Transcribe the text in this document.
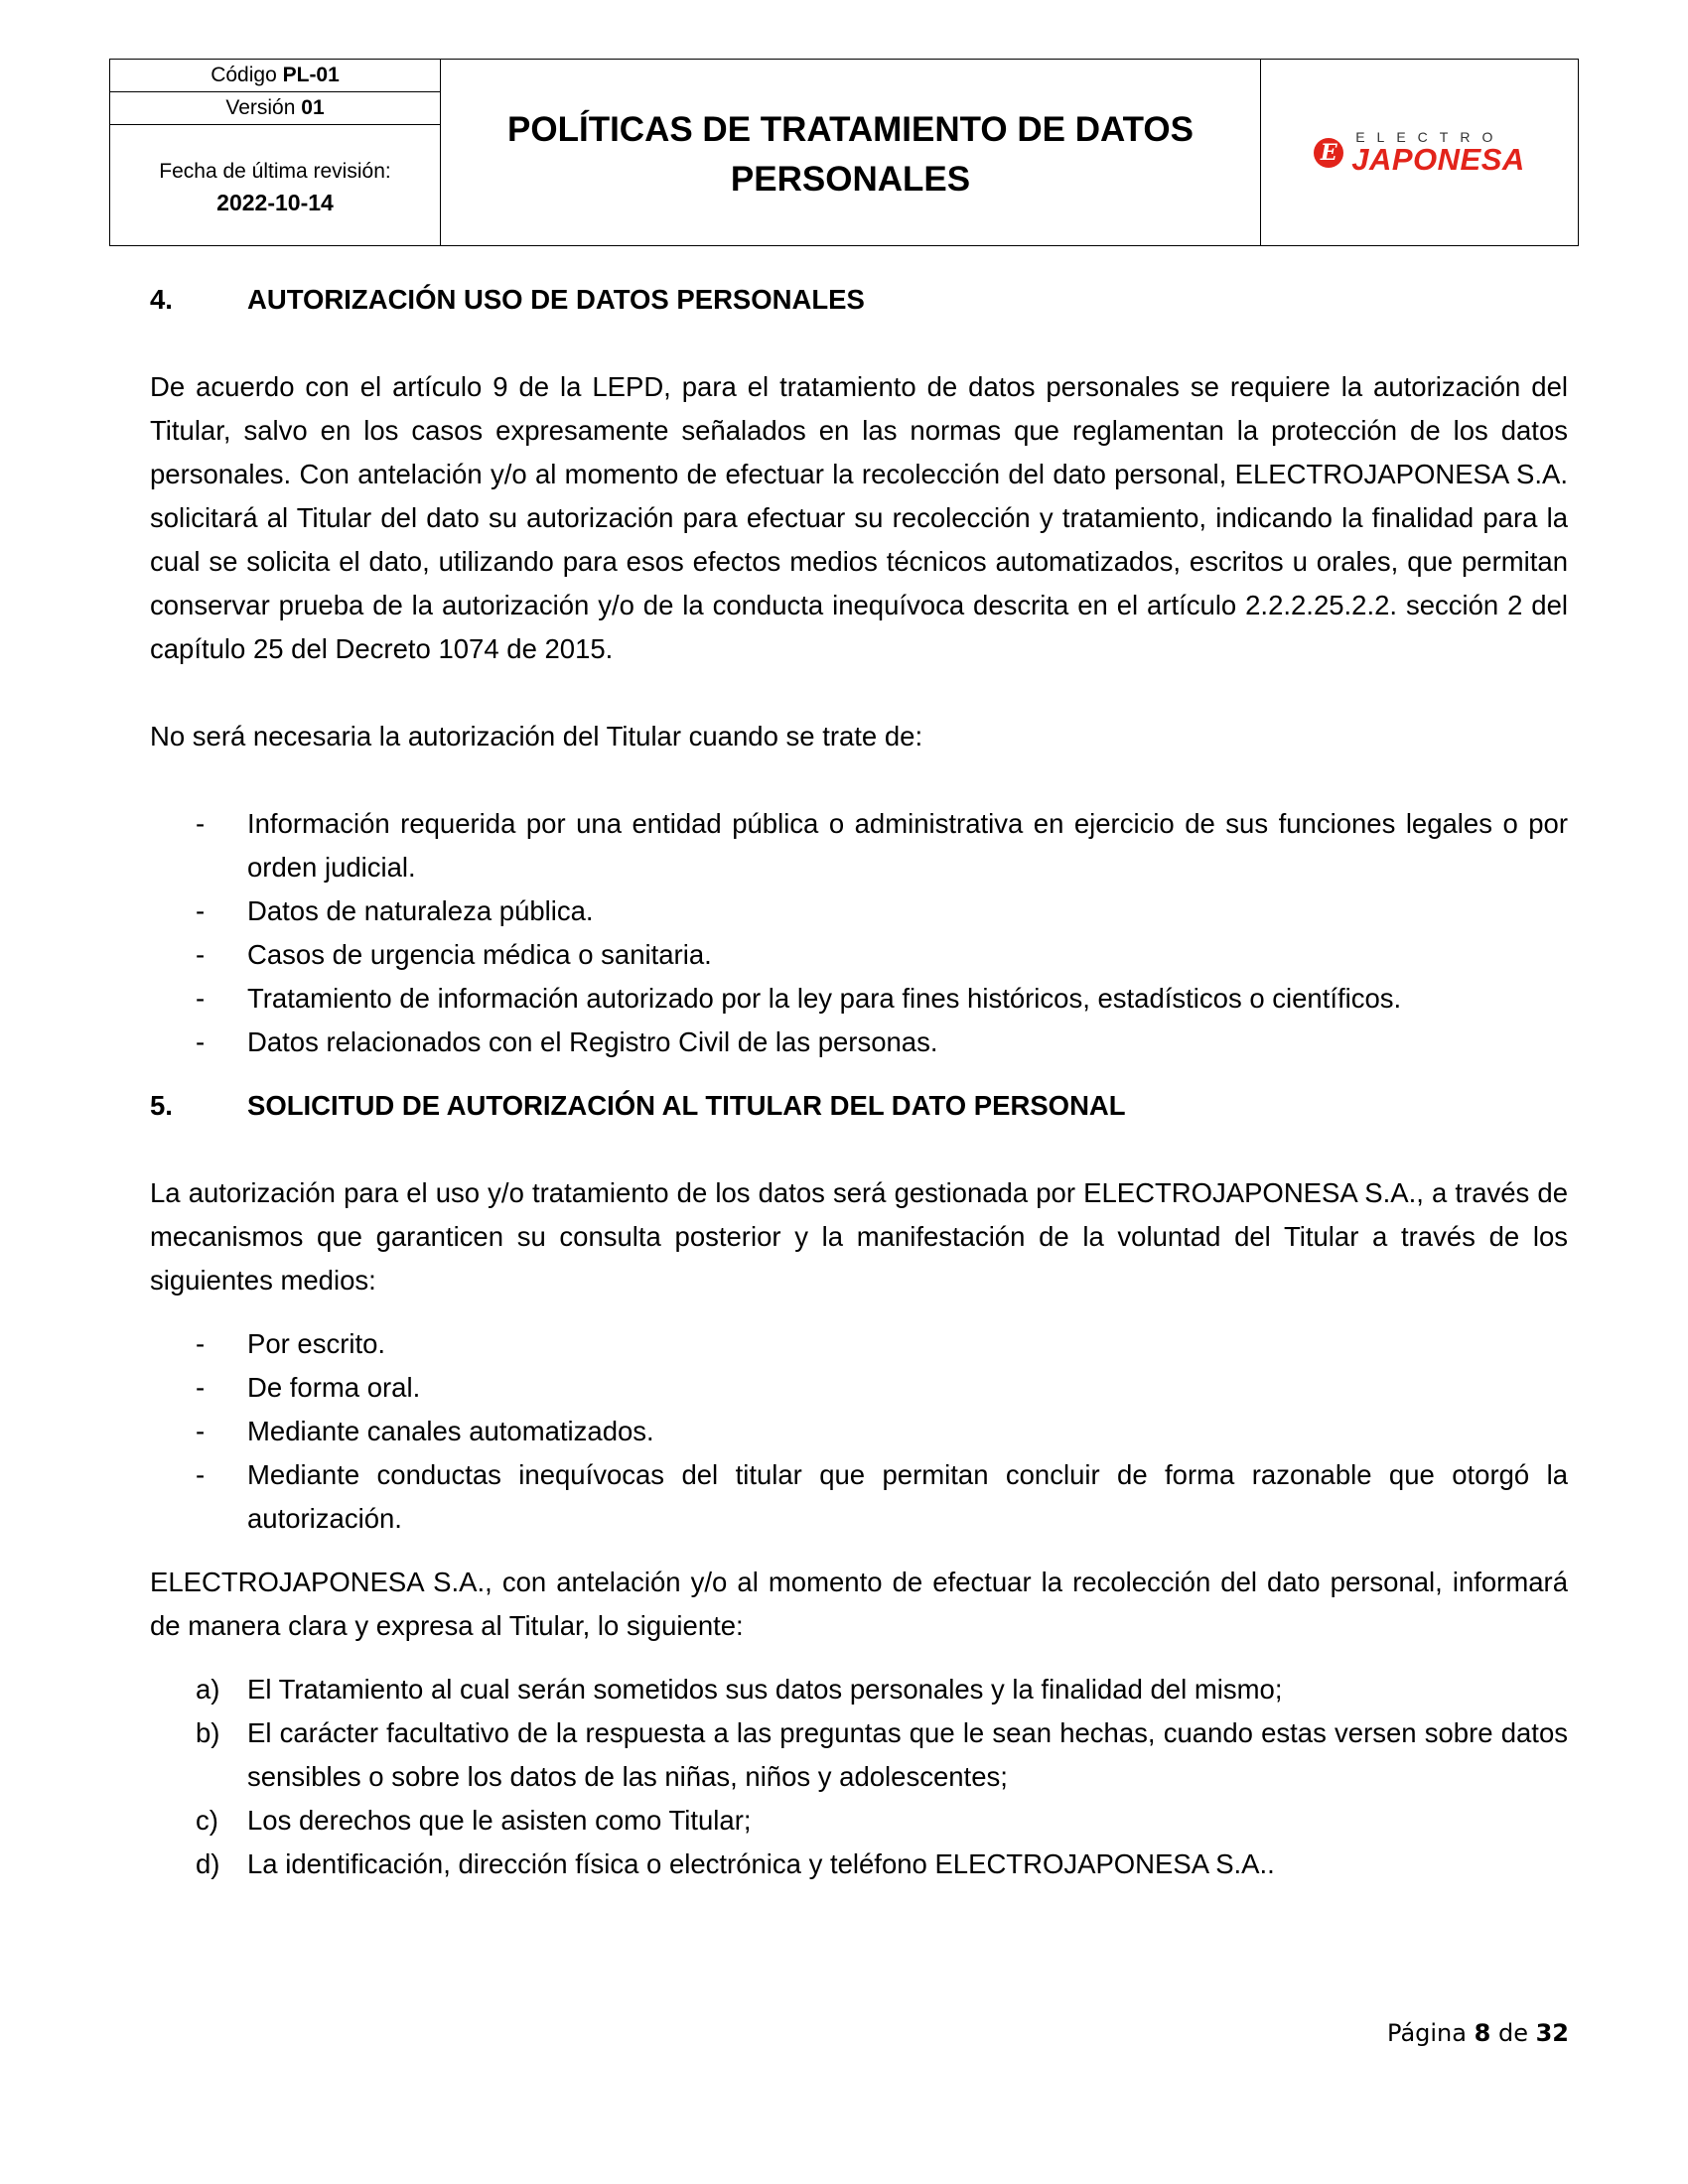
Código
PL-01
Versión
01
Fecha de última revisión:
2022-10-14
POLÍTICAS DE TRATAMIENTO DE DATOS
PERSONALES
E
ELECTRO
JAPONESA
4.	AUTORIZACIÓN USO DE DATOS PERSONALES

De acuerdo con el artículo 9 de la LEPD, para el tratamiento de datos personales se requiere la autorización del Titular, salvo en los casos expresamente señalados en las normas que reglamentan la protección de los datos personales. Con antelación y/o al momento de efectuar la recolección del dato personal, ELECTROJAPONESA S.A. solicitará al Titular del dato su autorización para efectuar su recolección y tratamiento, indicando la finalidad para la cual se solicita el dato, utilizando para esos efectos medios técnicos automatizados, escritos u orales, que permitan conservar prueba de la autorización y/o de la conducta inequívoca descrita en el artículo 2.2.2.25.2.2. sección 2 del capítulo 25 del Decreto 1074 de 2015.

No será necesaria la autorización del Titular cuando se trate de:

-	Información requerida por una entidad pública o administrativa en ejercicio de sus funciones legales o por orden judicial.
-	Datos de naturaleza pública.
-	Casos de urgencia médica o sanitaria.
-	Tratamiento de información autorizado por la ley para fines históricos, estadísticos o científicos.
-	Datos relacionados con el Registro Civil de las personas.
5.	SOLICITUD DE AUTORIZACIÓN AL TITULAR DEL DATO PERSONAL

La autorización para el uso y/o tratamiento de los datos será gestionada por ELECTROJAPONESA S.A., a través de mecanismos que garanticen su consulta posterior y la manifestación de la voluntad del Titular a través de los siguientes medios:

-	Por escrito.
-	De forma oral.
-	Mediante canales automatizados.
-	Mediante conductas inequívocas del titular que permitan concluir de forma razonable que otorgó la autorización.

ELECTROJAPONESA S.A., con antelación y/o al momento de efectuar la recolección del dato personal, informará de manera clara y expresa al Titular, lo siguiente:

a)	El Tratamiento al cual serán sometidos sus datos personales y la finalidad del mismo;
b)	El carácter facultativo de la respuesta a las preguntas que le sean hechas, cuando estas versen sobre datos sensibles o sobre los datos de las niñas, niños y adolescentes;
c)	Los derechos que le asisten como Titular;
d)	La identificación, dirección física o electrónica y teléfono ELECTROJAPONESA S.A..
Página 8 de 32
